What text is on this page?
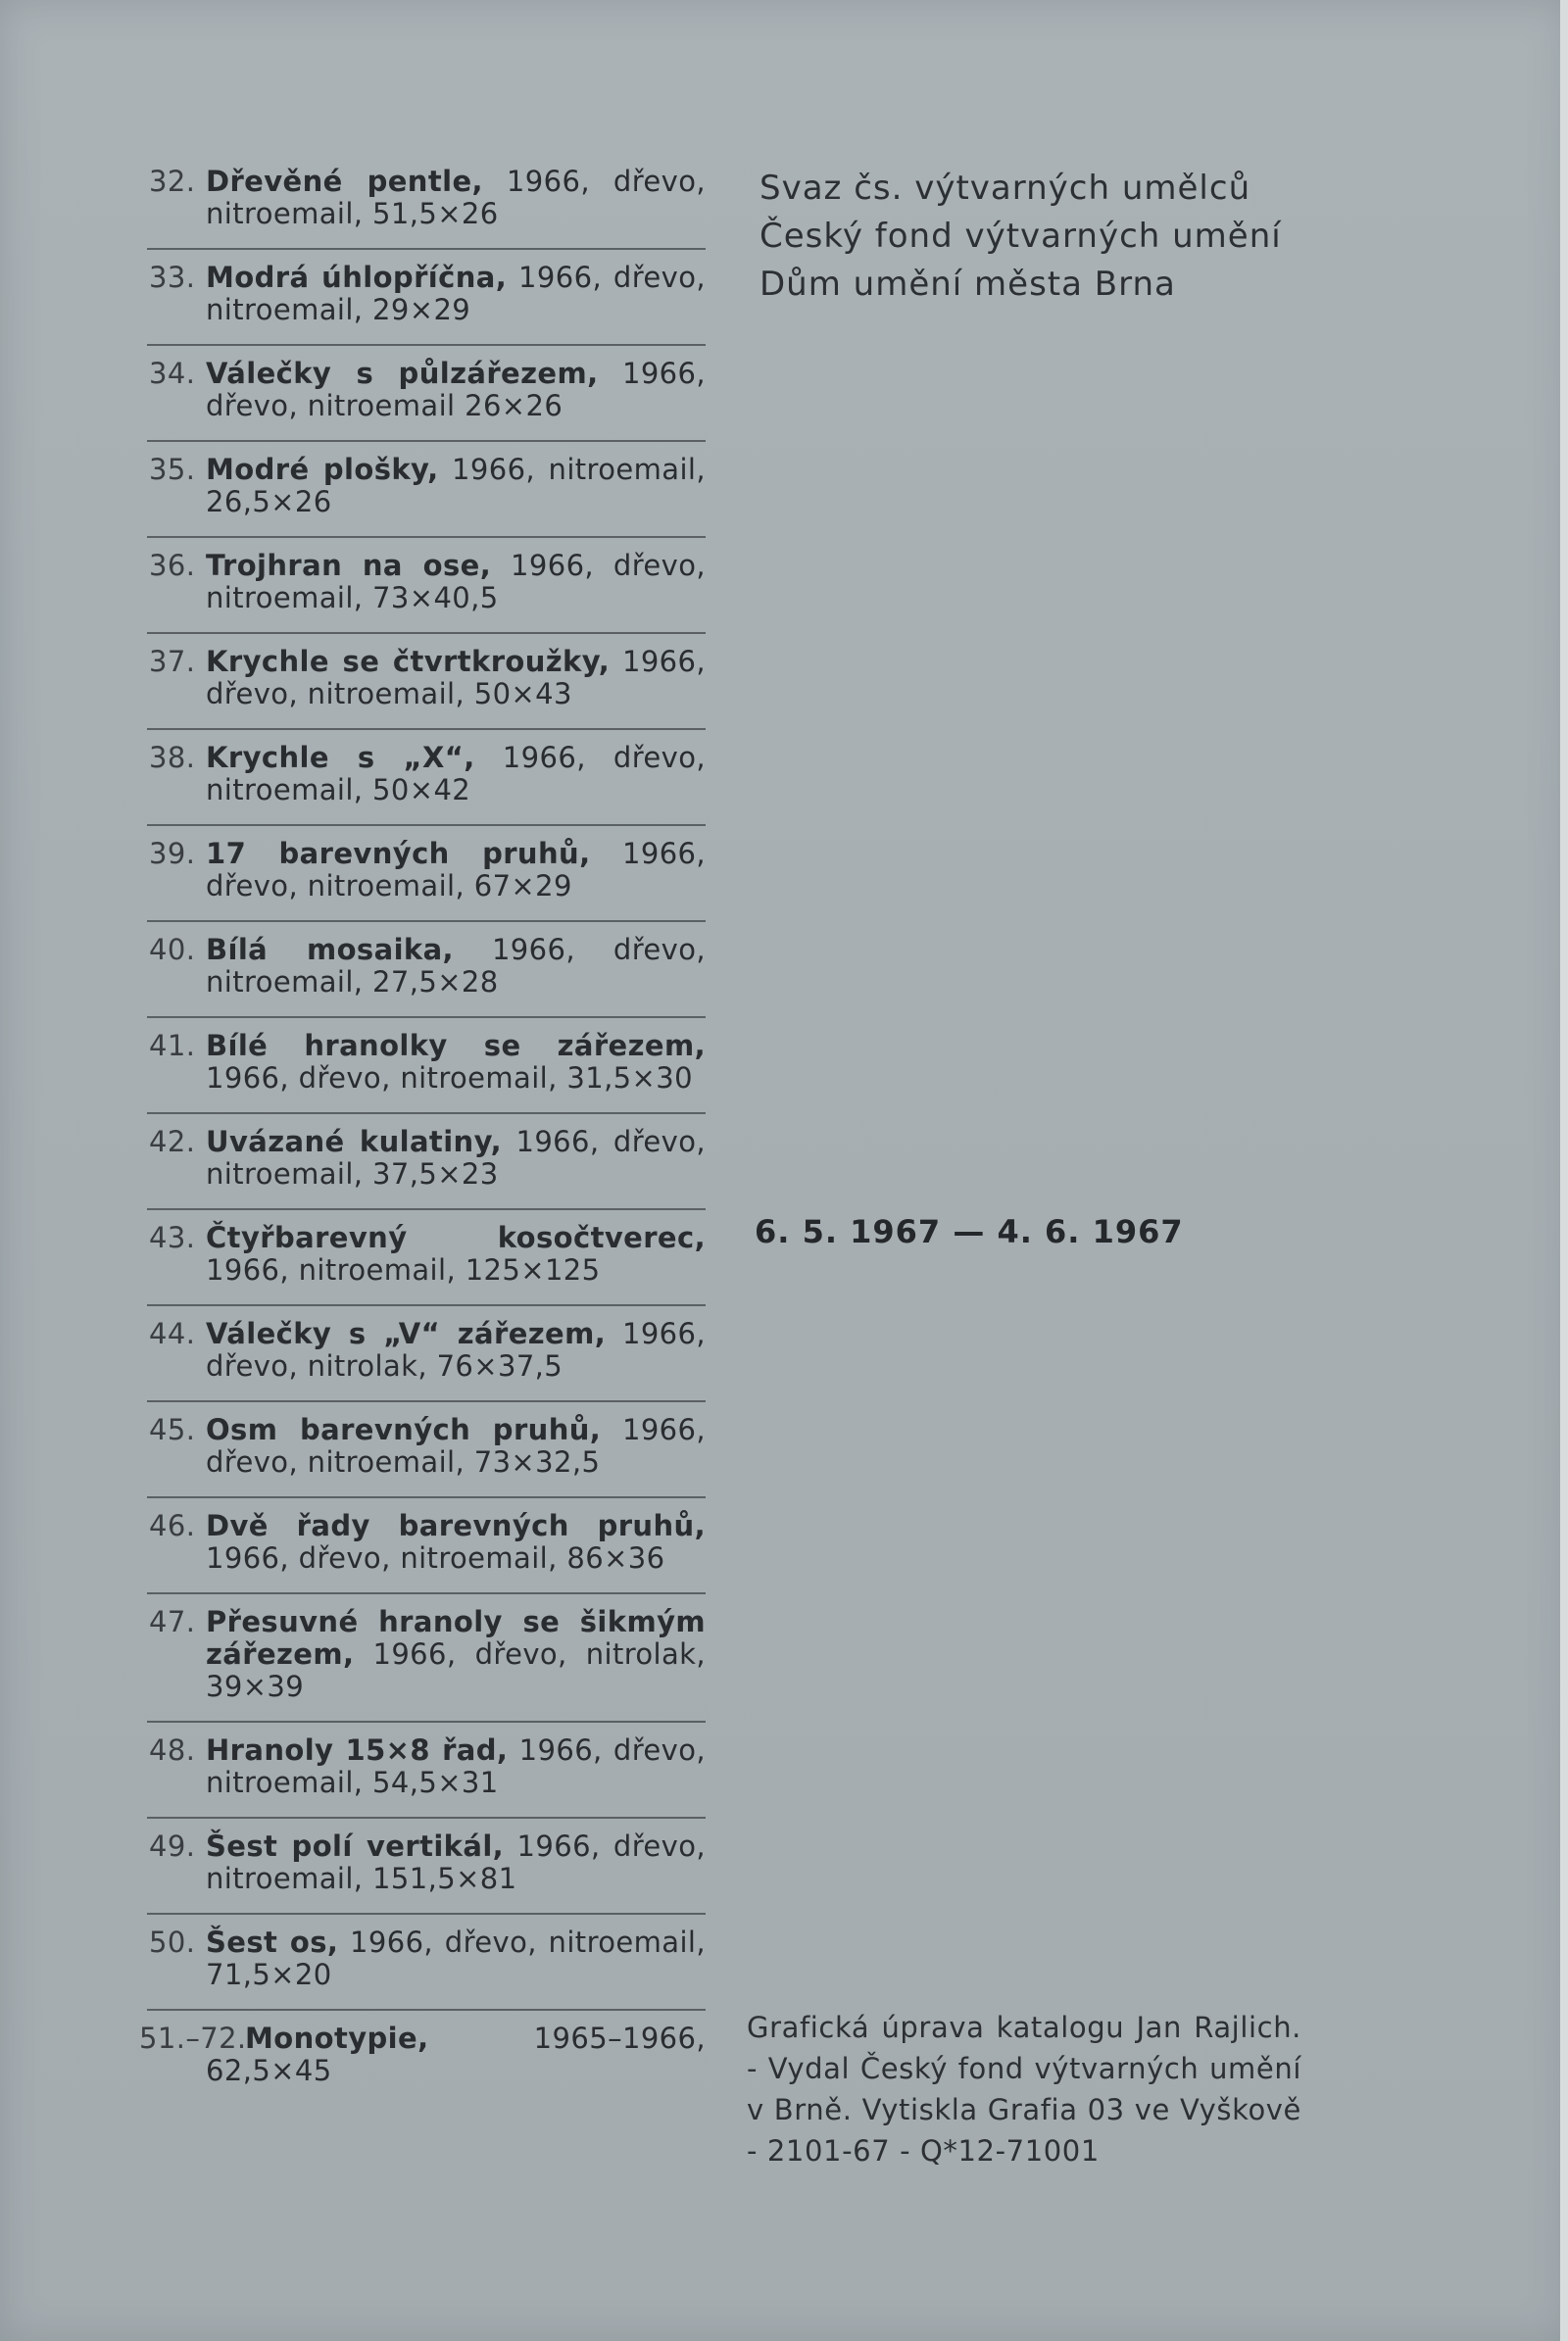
32. Dřevěné pentle, 1966, dřevo, nitroemail, 51,5×26
33. Modrá úhlopříčna, 1966, dřevo, nitroemail, 29×29
34. Válečky s půlzářezem, 1966, dřevo, nitroemail 26×26
35. Modré plošky, 1966, nitroemail, 26,5×26
36. Trojhran na ose, 1966, dřevo, nitroemail, 73×40,5
37. Krychle se čtvrtkroužky, 1966, dřevo, nitroemail, 50×43
38. Krychle s „X“, 1966, dřevo, nitroemail, 50×42
39. 17 barevných pruhů, 1966, dřevo, nitroemail, 67×29
40. Bílá mosaika, 1966, dřevo, nitroemail, 27,5×28
41. Bílé hranolky se zářezem, 1966, dřevo, nitroemail, 31,5×30
42. Uvázané kulatiny, 1966, dřevo, nitroemail, 37,5×23
43. Čtyřbarevný kosočtverec, 1966, nitroemail, 125×125
44. Válečky s „V“ zářezem, 1966, dřevo, nitrolak, 76×37,5
45. Osm barevných pruhů, 1966, dřevo, nitroemail, 73×32,5
46. Dvě řady barevných pruhů, 1966, dřevo, nitroemail, 86×36
47. Přesuvné hranoly se šikmým zářezem, 1966, dřevo, nitrolak, 39×39
48. Hranoly 15×8 řad, 1966, dřevo, nitroemail, 54,5×31
49. Šest polí vertikál, 1966, dřevo, nitroemail, 151,5×81
50. Šest os, 1966, dřevo, nitroemail, 71,5×20
51.–72.
Monotypie, 1965–1966, 62,5×45
Svaz čs. výtvarných umělců
Český fond výtvarných umění
Dům umění města Brna
6. 5. 1967 — 4. 6. 1967
Grafická úprava katalogu Jan Rajlich. - Vydal Český fond výtvarných umění v Brně. Vytiskla Grafia 03 ve Vyškově - 2101-67 - Q*12-71001
